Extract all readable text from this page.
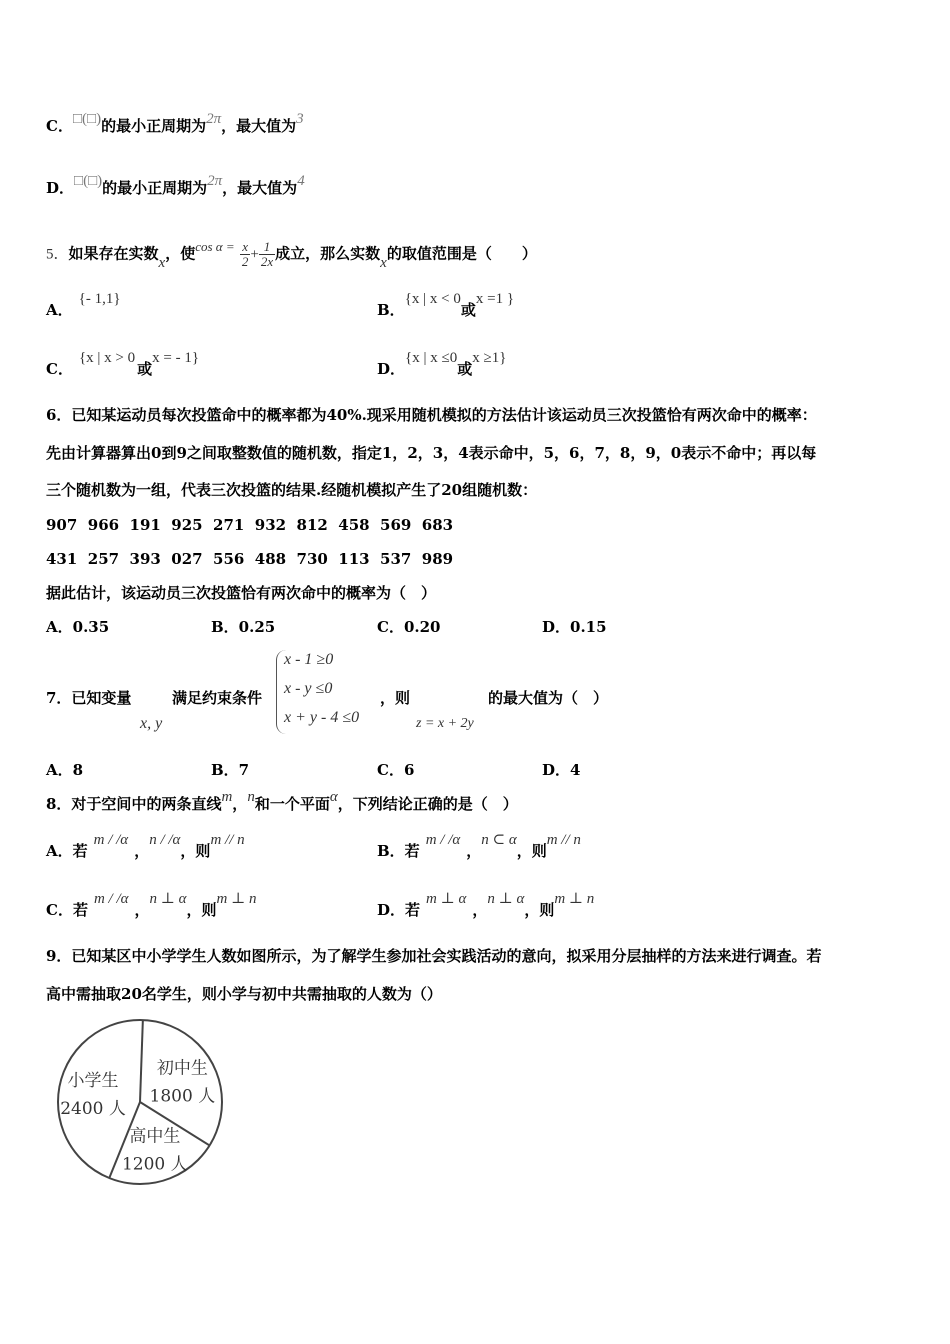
C．□(□)的最小正周期为2π，最大值为3
D．□(□)的最小正周期为2π，最大值为4
5．如果存在实数x，使$\cos \alpha = \frac{x}{2} + \frac{1}{2x}$ 成立，那么实数x的取值范围是（　　）
A．{- 1,1}
B．{x | x < 0或x =1 }
C．{x | x > 0或x = - 1}
D．{x | x ≤0或x ≥1}
6．已知某运动员每次投篮命中的概率都为40%.现采用随机模拟的方法估计该运动员三次投篮恰有两次命中的概率：
先由计算器算出0到9之间取整数值的随机数，指定1，2，3，4表示命中，5，6，7，8，9，0表示不命中；再以每
三个随机数为一组，代表三次投篮的结果.经随机模拟产生了20组随机数：
907  966  191  925  271  932  812  458  569  683
431  257  393  027  556  488  730  113  537  989
据此估计，该运动员三次投篮恰有两次命中的概率为（　）
A．0.35	B．0.25	C．0.20	D．0.15
7．已知变量	满足约束条件
x, y
x - 1 ≥0
x - y ≤0
x + y - 4 ≤0
，则
z = x + 2y
的最大值为（　）
A．8	B．7	C．6	D．4
8．对于空间中的两条直线m，n和一个平面α，下列结论正确的是（　）
A．若m / /α，n / /α，则m // n
B．若m / /α，n ⊂ α，则m // n
C．若m / /α，n ⊥ α，则m ⊥ n
D．若m ⊥ α，n ⊥ α，则m ⊥ n
9．已知某区中小学学生人数如图所示，为了解学生参加社会实践活动的意向，拟采用分层抽样的方法来进行调查。若
高中需抽取20名学生，则小学与初中共需抽取的人数为（）
初中生
1800 人
高中生
1200 人
小学生
2400 人
